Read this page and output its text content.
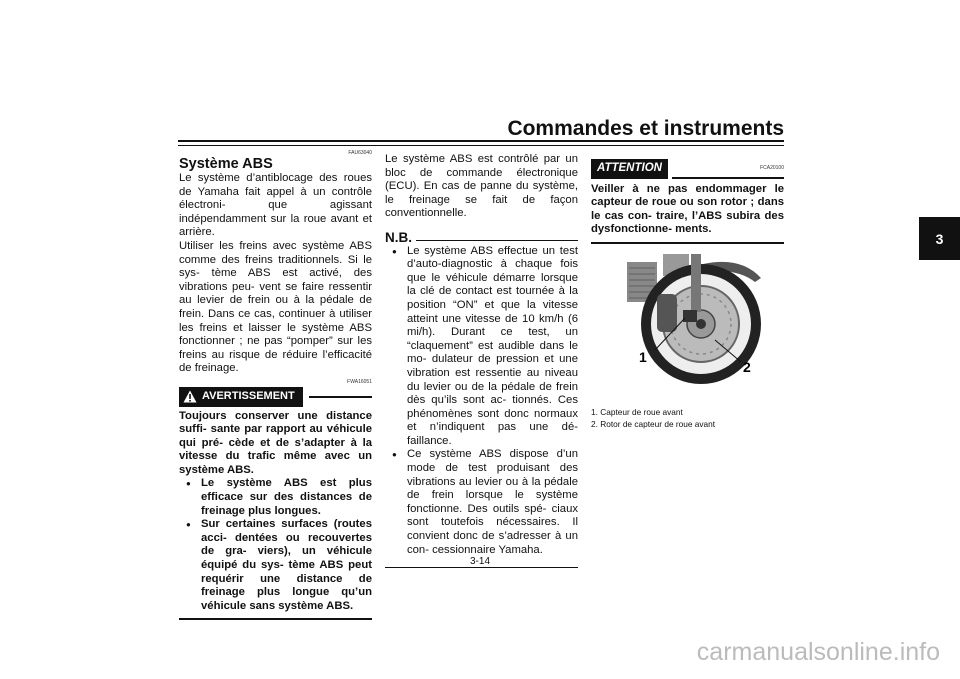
Commandes et instruments
3
FAU63040
Système ABS

Le système d’antiblocage des roues de Yamaha fait appel à un contrôle électroni- que agissant indépendamment sur la roue avant et arrière.

Utiliser les freins avec système ABS comme des freins traditionnels. Si le sys- tème ABS est activé, des vibrations peu- vent se faire ressentir au levier de frein ou à la pédale de frein. Dans ce cas, continuer à utiliser les freins et laisser le système ABS fonctionner ; ne pas “pomper” sur les freins au risque de réduire l’efficacité de freinage.

FWA16051
AVERTISSEMENT

Toujours conserver une distance suffi- sante par rapport au véhicule qui pré- cède et de s’adapter à la vitesse du trafic même avec un système ABS.

● Le système ABS est plus efficace sur des distances de freinage plus longues.
● Sur certaines surfaces (routes acci- dentées ou recouvertes de gra- viers), un véhicule équipé du sys- tème ABS peut requérir une distance de freinage plus longue qu’un véhicule sans système ABS.

Le système ABS est contrôlé par un bloc de commande électronique (ECU). En cas de panne du système, le freinage se fait de façon conventionnelle.

N.B.
● Le système ABS effectue un test d’auto-diagnostic à chaque fois que le véhicule démarre lorsque la clé de contact est tournée à la position “ON” et que la vitesse atteint une vitesse de 10 km/h (6 mi/h). Durant ce test, un “claquement” est audible dans le mo- dulateur de pression et une vibration est ressentie au niveau du levier ou de la pédale de frein dès qu’ils sont ac- tionnés. Ces phénomènes sont donc normaux et n’indiquent pas une dé- faillance.
● Ce système ABS dispose d’un mode de test produisant des vibrations au levier ou à la pédale de frein lorsque le système fonctionne. Des outils spé- ciaux sont toutefois nécessaires. Il convient donc de s’adresser à un con- cessionnaire Yamaha.
ATTENTION	FCA20100

Veiller à ne pas endommager le capteur de roue ou son rotor ; dans le cas con- traire, l’ABS subira des dysfonctionne- ments.

1
2
1. Capteur de roue avant
2. Rotor de capteur de roue avant
3-14
carmanualsonline.info
